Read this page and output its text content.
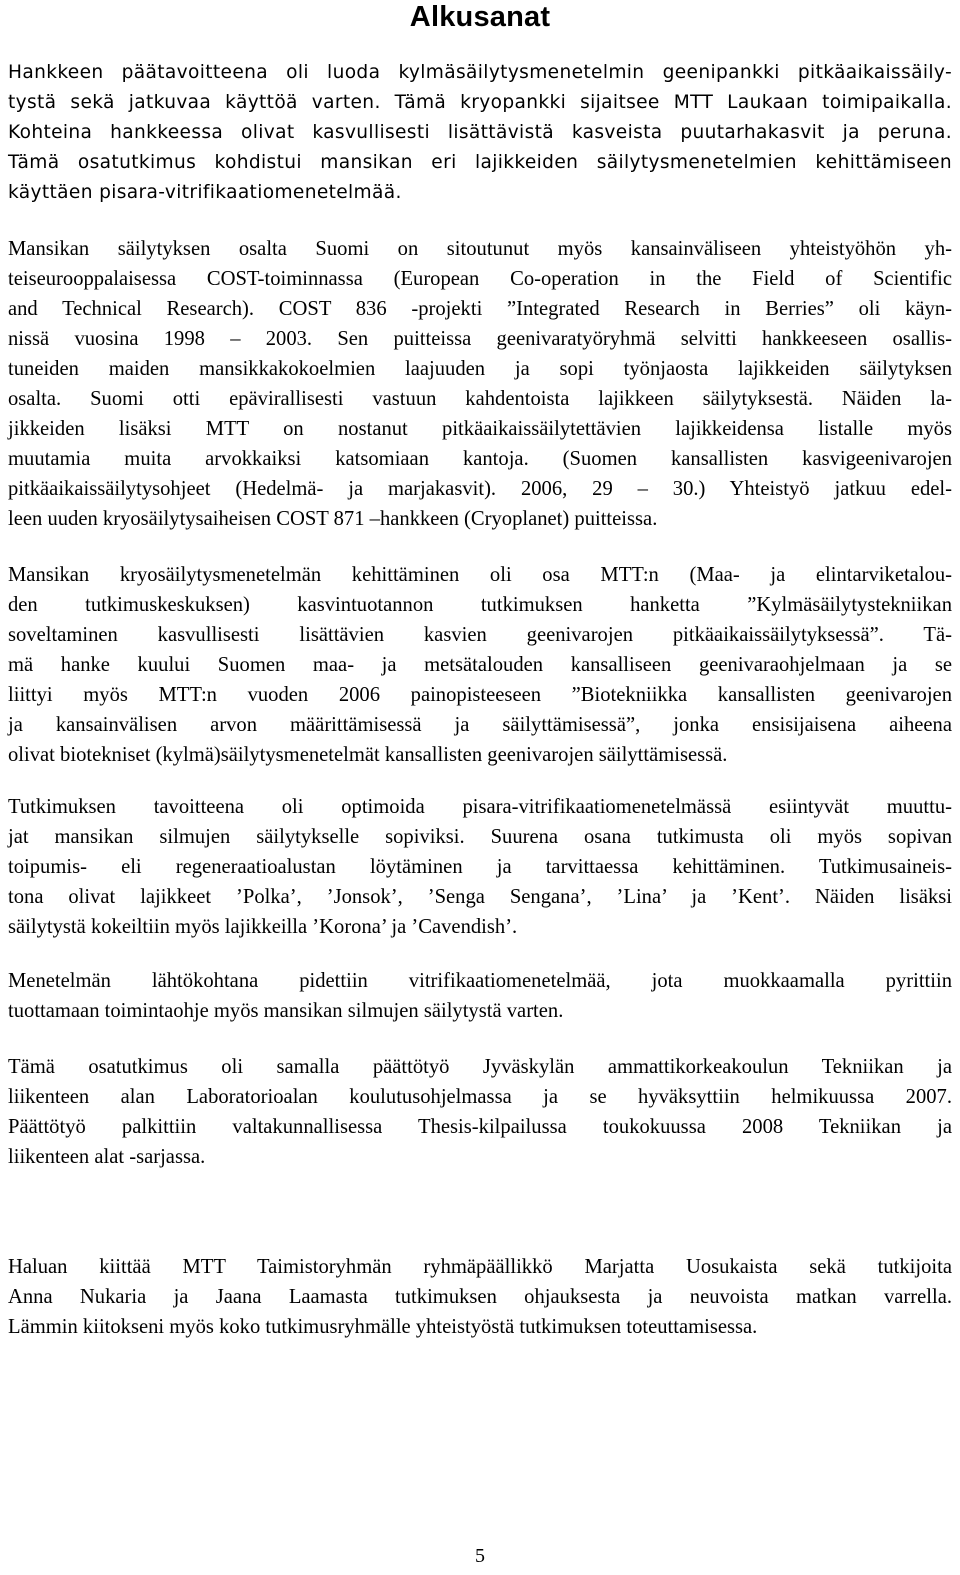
Alkusanat
Hankkeen päätavoitteena oli luoda kylmäsäilytysmenetelmin geenipankki pitkäaikaissäily-
tystä sekä jatkuvaa käyttöä varten. Tämä kryopankki sijaitsee MTT Laukaan toimipaikalla.
Kohteina hankkeessa olivat kasvullisesti lisättävistä kasveista puutarhakasvit ja peruna.
Tämä osatutkimus kohdistui mansikan eri lajikkeiden säilytysmenetelmien kehittämiseen
käyttäen pisara-vitrifikaatiomenetelmää.
Mansikan säilytyksen osalta Suomi on sitoutunut myös kansainväliseen yhteistyöhön yh-
teiseurooppalaisessa COST-toiminnassa (European Co-operation in the Field of Scientific
and Technical Research). COST 836 -projekti ”Integrated Research in Berries” oli käyn-
nissä vuosina 1998 – 2003. Sen puitteissa geenivaratyöryhmä selvitti hankkeeseen osallis-
tuneiden maiden mansikkakokoelmien laajuuden ja sopi työnjaosta lajikkeiden säilytyksen
osalta. Suomi otti epävirallisesti vastuun kahdentoista lajikkeen säilytyksestä. Näiden la-
jikkeiden lisäksi MTT on nostanut pitkäaikaissäilytettävien lajikkeidensa listalle myös
muutamia muita arvokkaiksi katsomiaan kantoja. (Suomen kansallisten kasvigeenivarojen
pitkäaikaissäilytysohjeet (Hedelmä- ja marjakasvit). 2006, 29 – 30.) Yhteistyö jatkuu edel-
leen uuden kryosäilytysaiheisen COST 871 –hankkeen (Cryoplanet) puitteissa.
Mansikan kryosäilytysmenetelmän kehittäminen oli osa MTT:n (Maa- ja elintarviketalou-
den tutkimuskeskuksen) kasvintuotannon tutkimuksen hanketta ”Kylmäsäilytystekniikan
soveltaminen kasvullisesti lisättävien kasvien geenivarojen pitkäaikaissäilytyksessä”. Tä-
mä hanke kuului Suomen maa- ja metsätalouden kansalliseen geenivaraohjelmaan ja se
liittyi myös MTT:n vuoden 2006 painopisteeseen ”Biotekniikka kansallisten geenivarojen
ja kansainvälisen arvon määrittämisessä ja säilyttämisessä”, jonka ensisijaisena aiheena
olivat biotekniset (kylmä)säilytysmenetelmät kansallisten geenivarojen säilyttämisessä.
Tutkimuksen tavoitteena oli optimoida pisara-vitrifikaatiomenetelmässä esiintyvät muuttu-
jat mansikan silmujen säilytykselle sopiviksi. Suurena osana tutkimusta oli myös sopivan
toipumis- eli regeneraatioalustan löytäminen ja tarvittaessa kehittäminen. Tutkimusaineis-
tona olivat lajikkeet ’Polka’, ’Jonsok’, ’Senga Sengana’, ’Lina’ ja ’Kent’. Näiden lisäksi
säilytystä kokeiltiin myös lajikkeilla ’Korona’ ja ’Cavendish’.
Menetelmän lähtökohtana pidettiin vitrifikaatiomenetelmää, jota muokkaamalla pyrittiin
tuottamaan toimintaohje myös mansikan silmujen säilytystä varten.
Tämä osatutkimus oli samalla päättötyö Jyväskylän ammattikorkeakoulun Tekniikan ja
liikenteen alan Laboratorioalan koulutusohjelmassa ja se hyväksyttiin helmikuussa 2007.
Päättötyö palkittiin valtakunnallisessa Thesis-kilpailussa toukokuussa 2008 Tekniikan ja
liikenteen alat -sarjassa.
Haluan kiittää MTT Taimistoryhmän ryhmäpäällikkö Marjatta Uosukaista sekä tutkijoita
Anna Nukaria ja Jaana Laamasta tutkimuksen ohjauksesta ja neuvoista matkan varrella.
Lämmin kiitokseni myös koko tutkimusryhmälle yhteistyöstä tutkimuksen toteuttamisessa.
5
